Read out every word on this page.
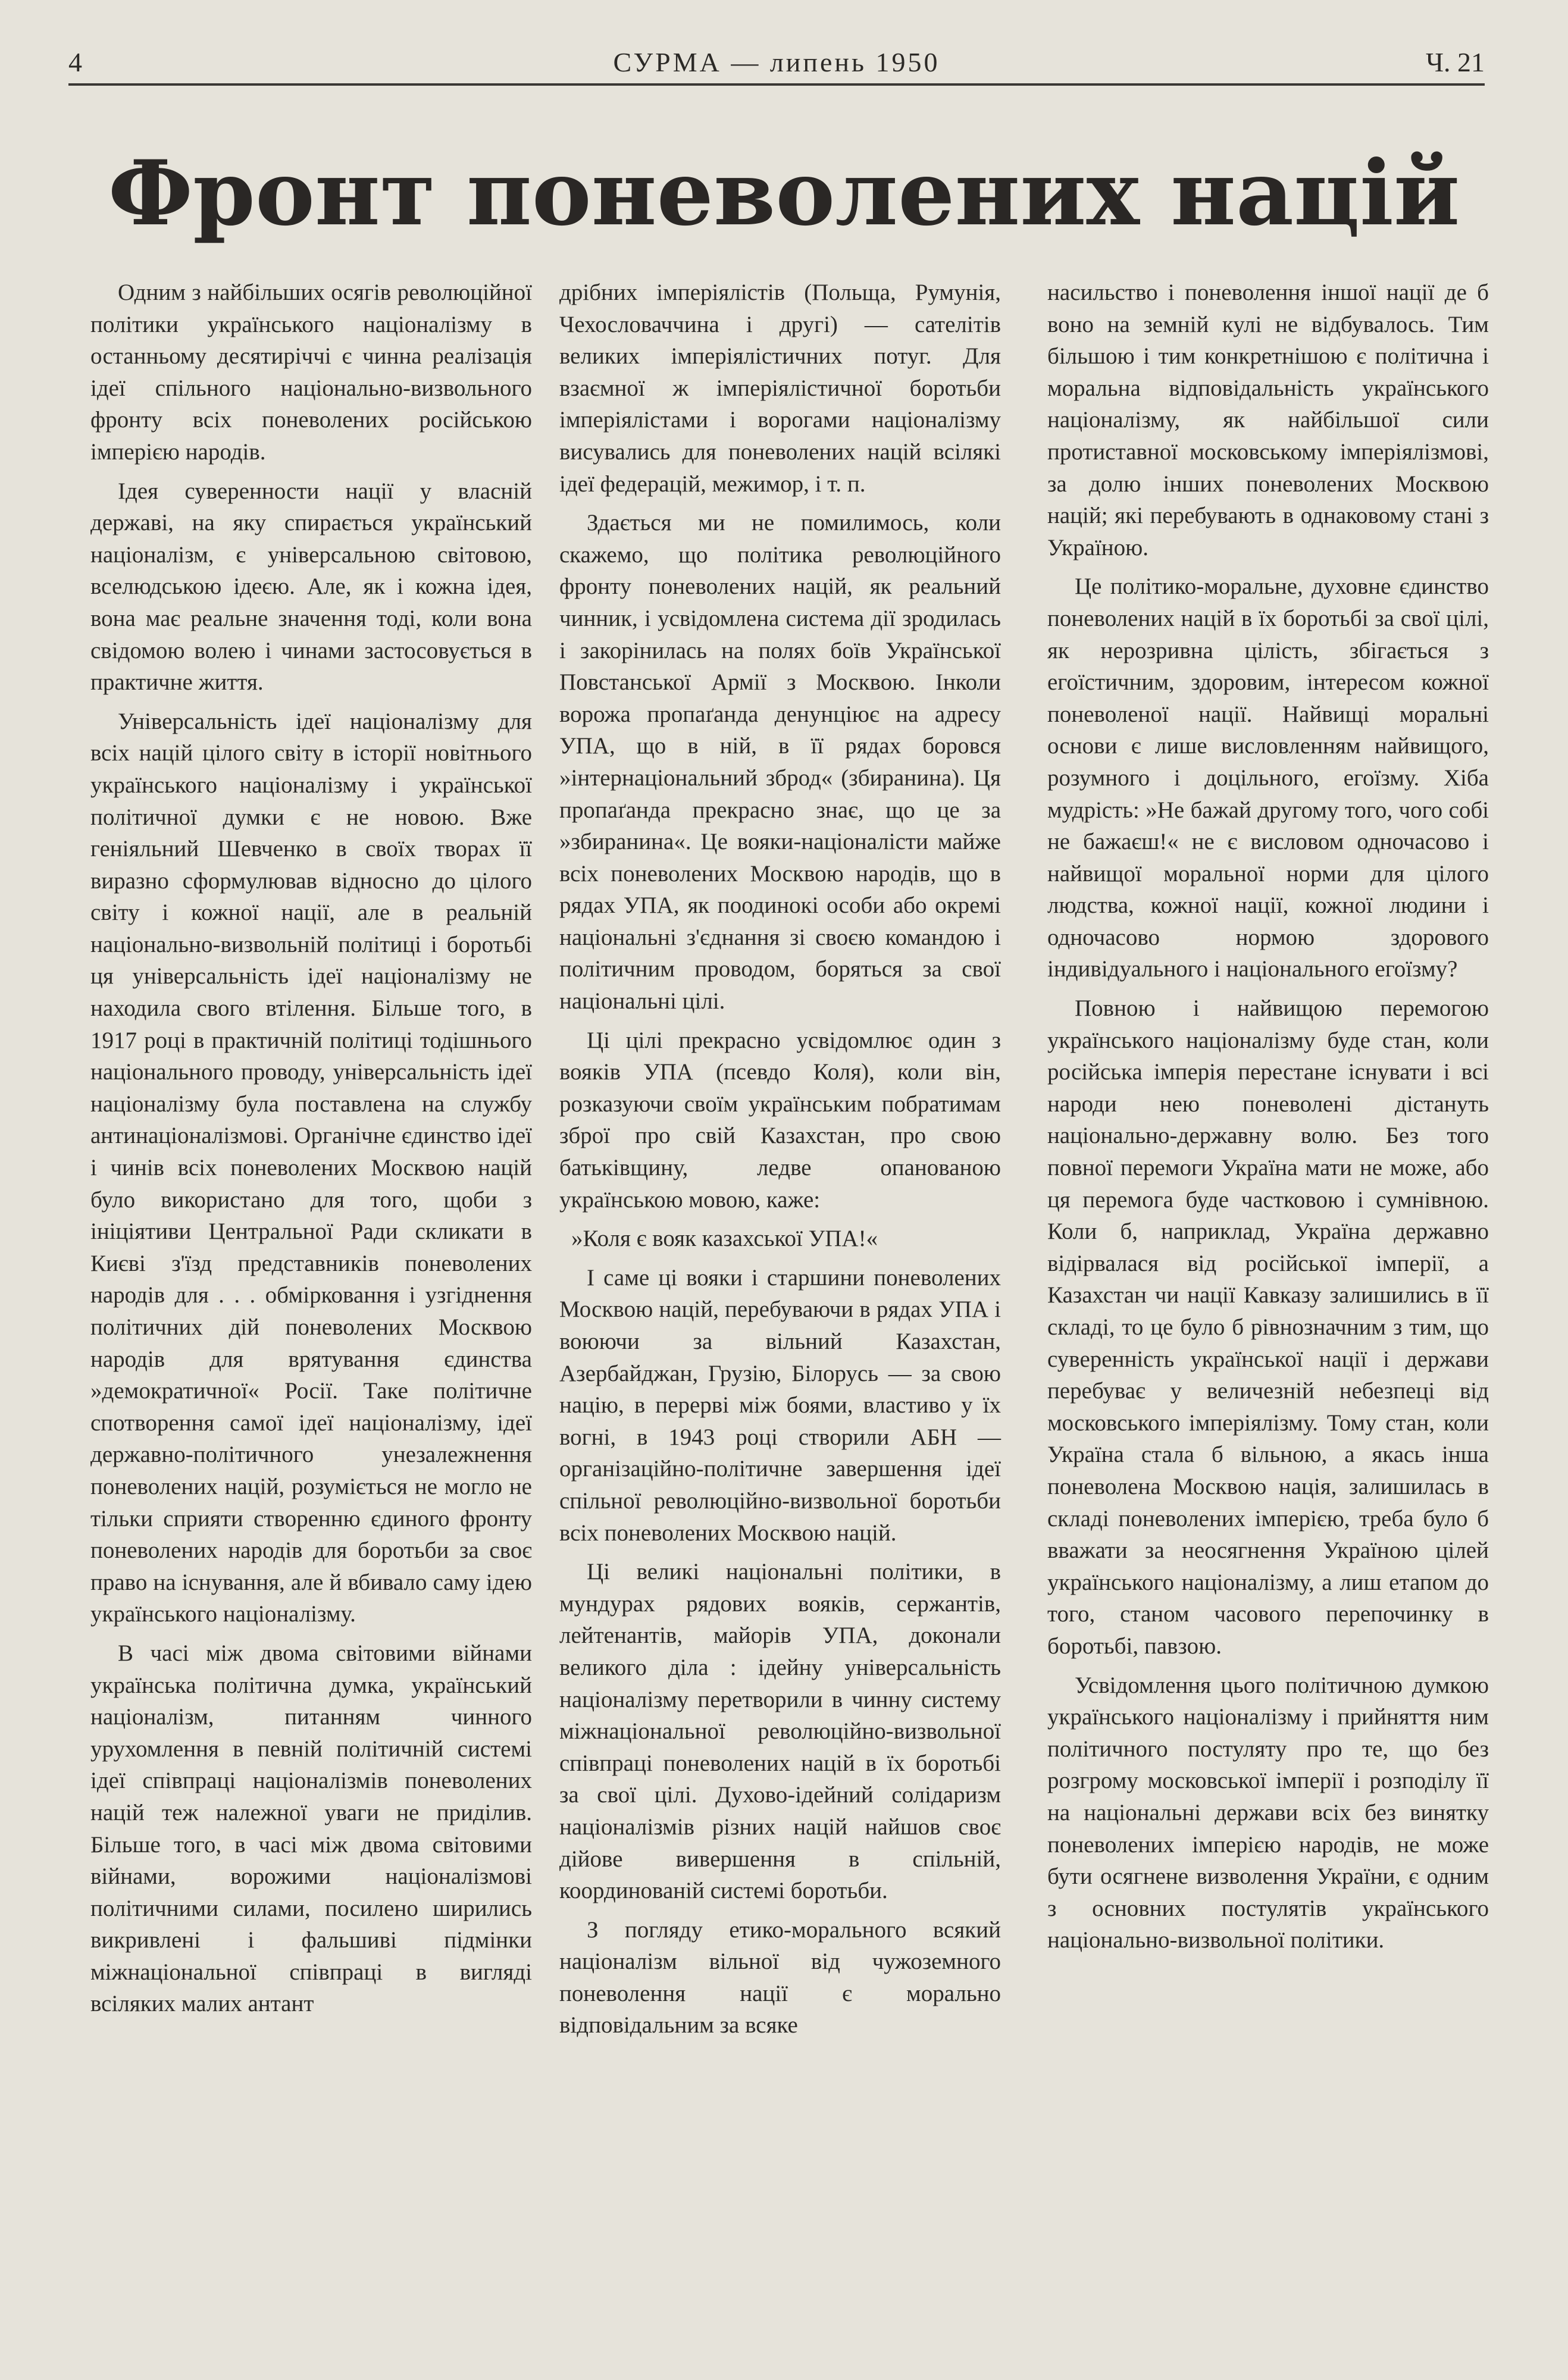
4	СУРМА — липень 1950	Ч. 21
Фронт поневолених націй

Одним з найбільших осягів революційної політики українського націоналізму в останньому десятиріччі є чинна реалізація ідеї спільного національно-визвольного фронту всіх поневолених російською імперією народів.

Ідея суверенности нації у власній державі, на яку спирається український націоналізм, є універсальною світовою, вселюдською ідеєю. Але, як і кожна ідея, вона має реальне значення тоді, коли вона свідомою волею і чинами застосовується в практичне життя.

Універсальність ідеї націоналізму для всіх націй цілого світу в історії новітнього українського націоналізму і української політичної думки є не новою. Вже геніяльний Шевченко в своїх творах її виразно сформулював відносно до цілого світу і кожної нації, але в реальній національно-визвольній політиці і боротьбі ця універсальність ідеї націоналізму не находила свого втілення. Більше того, в 1917 році в практичній політиці тодішнього національного проводу, універсальність ідеї націоналізму була поставлена на службу антинаціоналізмові. Органічне єдинство ідеї і чинів всіх поневолених Москвою націй було використано для того, щоби з ініціятиви Центральної Ради скликати в Києві з'їзд представників поневолених народів для . . . обмірковання і узгіднення політичних дій поневолених Москвою народів для врятування єдинства »демократичної« Росії. Таке політичне спотворення самої ідеї націоналізму, ідеї державно-політичного унезалежнення поневолених націй, розуміється не могло не тільки сприяти створенню єдиного фронту поневолених народів для боротьби за своє право на існування, але й вбивало саму ідею українського націоналізму.

В часі між двома світовими війнами українська політична думка, український націоналізм, питанням чинного урухомлення в певній політичній системі ідеї співпраці націоналізмів поневолених націй теж належної уваги не приділив. Більше того, в часі між двома світовими війнами, ворожими націоналізмові політичними силами, посилено ширились викривлені і фальшиві підмінки міжнаціональної співпраці в вигляді всіляких малих антант

дрібних імперіялістів (Польща, Румунія, Чехословаччина і другі) — сателітів великих імперіялістичних потуг. Для взаємної ж імперіялістичної боротьби імперіялістами і ворогами націоналізму висувались для поневолених націй всілякі ідеї федерацій, межимор, і т. п.

Здається ми не помилимось, коли скажемо, що політика революційного фронту поневолених націй, як реальний чинник, і усвідомлена система дії зродилась і закорінилась на полях боїв Української Повстанської Армії з Москвою. Інколи ворожа пропаґанда денунціює на адресу УПА, що в ній, в її рядах боровся »інтернаціональний зброд« (збиранина). Ця пропаґанда прекрасно знає, що це за »збиранина«. Це вояки-націоналісти майже всіх поневолених Москвою народів, що в рядах УПА, як поодинокі особи або окремі національні з'єднання зі своєю командою і політичним проводом, боряться за свої національні цілі.

Ці цілі прекрасно усвідомлює один з вояків УПА (псевдо Коля), коли він, розказуючи своїм українським побратимам зброї про свій Казахстан, про свою батьківщину, ледве опанованою українською мовою, каже:

»Коля є вояк казахської УПА!«

І саме ці вояки і старшини поневолених Москвою націй, перебуваючи в рядах УПА і воюючи за вільний Казахстан, Азербайджан, Грузію, Білорусь — за свою націю, в перерві між боями, властиво у їх вогні, в 1943 році створили АБН — організаційно-політичне завершення ідеї спільної революційно-визвольної боротьби всіх поневолених Москвою націй.

Ці великі національні політики, в мундурах рядових вояків, сержантів, лейтенантів, майорів УПА, доконали великого діла : ідейну універсальність націоналізму перетворили в чинну систему міжнаціональної революційно-визвольної співпраці поневолених націй в їх боротьбі за свої цілі. Духово-ідейний солідаризм націоналізмів різних націй найшов своє дійове вивершення в спільній, координованій системі боротьби.

З погляду етико-морального всякий націоналізм вільної від чужоземного поневолення нації є морально відповідальним за всяке

насильство і поневолення іншої нації де б воно на земній кулі не відбувалось. Тим більшою і тим конкретнішою є політична і моральна відповідальність українського націоналізму, як найбільшої сили протиставної московському імперіялізмові, за долю інших поневолених Москвою націй; які перебувають в однаковому стані з Україною.

Це політико-моральне, духовне єдинство поневолених націй в їх боротьбі за свої цілі, як нерозривна цілість, збігається з егоїстичним, здоровим, інтересом кожної поневоленої нації. Найвищі моральні основи є лише висловленням найвищого, розумного і доцільного, егоїзму. Хіба мудрість: »Не бажай другому того, чого собі не бажаєш!« не є висловом одночасово і найвищої моральної норми для цілого людства, кожної нації, кожної людини і одночасово нормою здорового індивідуального і національного егоїзму?

Повною і найвищою перемогою українського націоналізму буде стан, коли російська імперія перестане існувати і всі народи нею поневолені дістануть національно-державну волю. Без того повної перемоги Україна мати не може, або ця перемога буде частковою і сумнівною. Коли б, наприклад, Україна державно відірвалася від російської імперії, а Казахстан чи нації Кавказу залишились в її складі, то це було б рівнозначним з тим, що суверенність української нації і держави перебуває у величезній небезпеці від московського імперіялізму. Тому стан, коли Україна стала б вільною, а якась інша поневолена Москвою нація, залишилась в складі поневолених імперією, треба було б вважати за неосягнення Україною цілей українського націоналізму, а лиш етапом до того, станом часового перепочинку в боротьбі, павзою.

Усвідомлення цього політичною думкою українського націоналізму і прийняття ним політичного постуляту про те, що без розгрому московської імперії і розподілу її на національні держави всіх без винятку поневолених імперією народів, не може бути осягнене визволення України, є одним з основних постулятів українського національно-визвольної політики.
